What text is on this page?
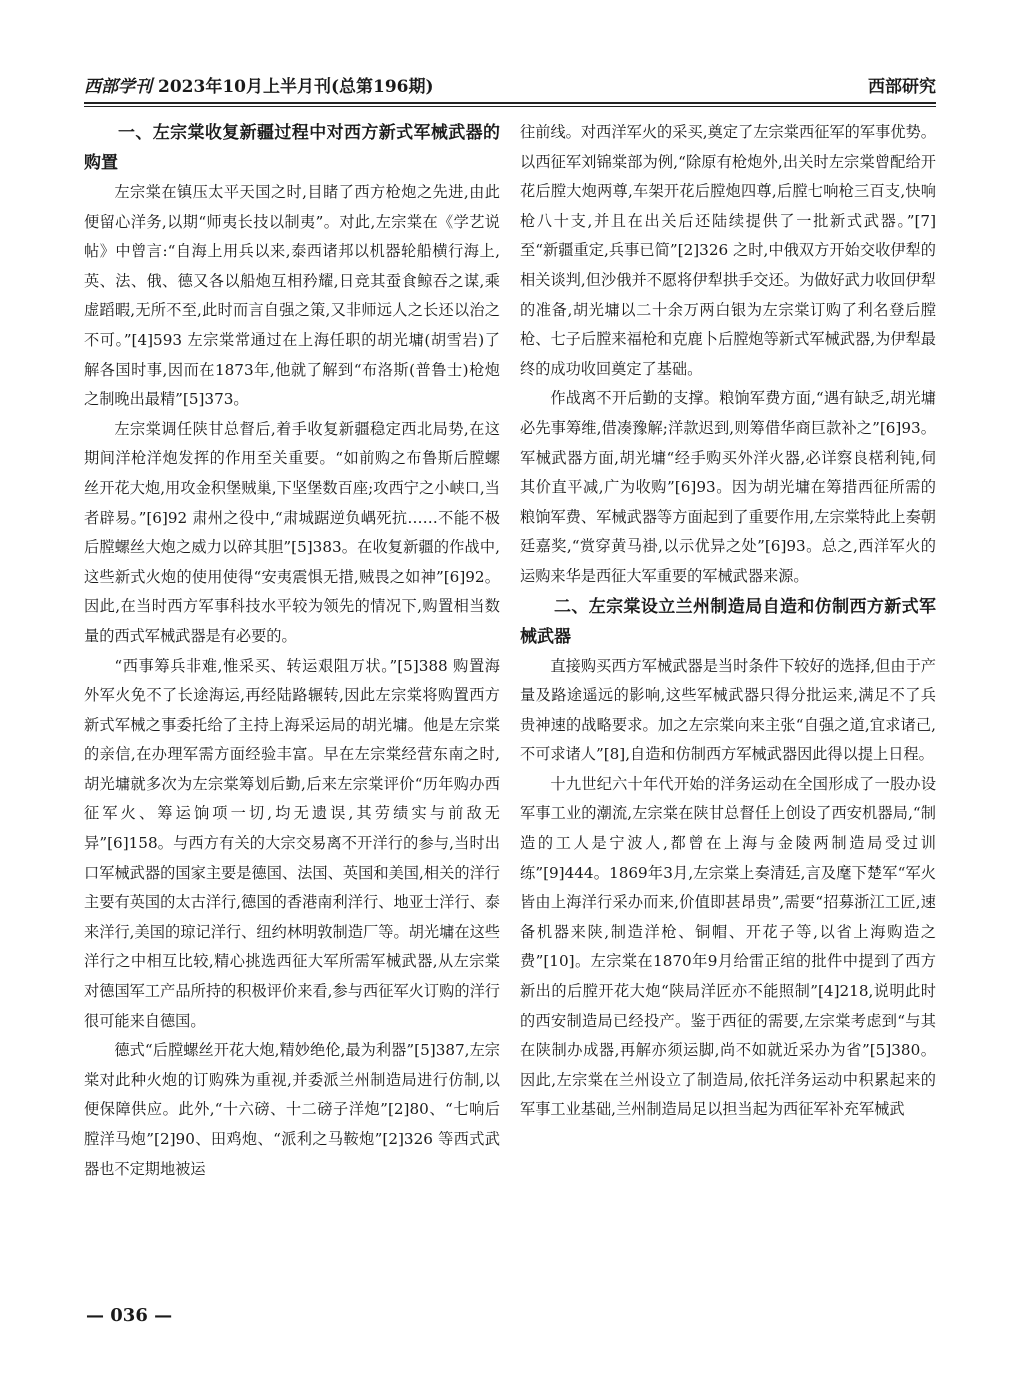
西部学刊 2023年10月上半月刊(总第196期)	西部研究
一、左宗棠收复新疆过程中对西方新式军械武器的购置

左宗棠在镇压太平天国之时,目睹了西方枪炮之先进,由此便留心洋务,以期“师夷长技以制夷”。对此,左宗棠在《学艺说帖》中曾言:“自海上用兵以来,泰西诸邦以机器轮船横行海上,英、法、俄、德又各以船炮互相矜耀,日竞其蚕食鲸吞之谋,乘虚蹈暇,无所不至,此时而言自强之策,又非师远人之长还以治之不可。”[4]593 左宗棠常通过在上海任职的胡光墉(胡雪岩)了解各国时事,因而在1873年,他就了解到“布洛斯(普鲁士)枪炮之制晚出最精”[5]373。

左宗棠调任陕甘总督后,着手收复新疆稳定西北局势,在这期间洋枪洋炮发挥的作用至关重要。“如前购之布鲁斯后膛螺丝开花大炮,用攻金积堡贼巢,下坚堡数百座;攻西宁之小峡口,当者辟易。”[6]92 肃州之役中,“肃城踞逆负嵎死抗……不能不极后膛螺丝大炮之威力以碎其胆”[5]383。在收复新疆的作战中,这些新式火炮的使用使得“安夷震惧无措,贼畏之如神”[6]92。因此,在当时西方军事科技水平较为领先的情况下,购置相当数量的西式军械武器是有必要的。

“西事筹兵非难,惟采买、转运艰阻万状。”[5]388 购置海外军火免不了长途海运,再经陆路辗转,因此左宗棠将购置西方新式军械之事委托给了主持上海采运局的胡光墉。他是左宗棠的亲信,在办理军需方面经验丰富。早在左宗棠经营东南之时,胡光墉就多次为左宗棠筹划后勤,后来左宗棠评价“历年购办西征军火、筹运饷项一切,均无遗误,其劳绩实与前敌无异”[6]158。与西方有关的大宗交易离不开洋行的参与,当时出口军械武器的国家主要是德国、法国、英国和美国,相关的洋行主要有英国的太古洋行,德国的香港南利洋行、地亚士洋行、泰来洋行,美国的琼记洋行、纽约林明敦制造厂等。胡光墉在这些洋行之中相互比较,精心挑选西征大军所需军械武器,从左宗棠对德国军工产品所持的积极评价来看,参与西征军火订购的洋行很可能来自德国。

德式“后膛螺丝开花大炮,精妙绝伦,最为利器”[5]387,左宗棠对此种火炮的订购殊为重视,并委派兰州制造局进行仿制,以便保障供应。此外,“十六磅、十二磅子洋炮”[2]80、“七响后膛洋马炮”[2]90、田鸡炮、“派利之马鞍炮”[2]326 等西式武器也不定期地被运

往前线。对西洋军火的采买,奠定了左宗棠西征军的军事优势。以西征军刘锦棠部为例,“除原有枪炮外,出关时左宗棠曾配给开花后膛大炮两尊,车架开花后膛炮四尊,后膛七响枪三百支,快响枪八十支,并且在出关后还陆续提供了一批新式武器。”[7] 至“新疆重定,兵事已简”[2]326 之时,中俄双方开始交收伊犁的相关谈判,但沙俄并不愿将伊犁拱手交还。为做好武力收回伊犁的准备,胡光墉以二十余万两白银为左宗棠订购了利名登后膛枪、七子后膛来福枪和克鹿卜后膛炮等新式军械武器,为伊犁最终的成功收回奠定了基础。

作战离不开后勤的支撑。粮饷军费方面,“遇有缺乏,胡光墉必先事筹维,借凑豫解;洋款迟到,则筹借华商巨款补之”[6]93。军械武器方面,胡光墉“经手购买外洋火器,必详察良楛利钝,伺其价直平减,广为收购”[6]93。因为胡光墉在筹措西征所需的粮饷军费、军械武器等方面起到了重要作用,左宗棠特此上奏朝廷嘉奖,“赏穿黄马褂,以示优异之处”[6]93。总之,西洋军火的运购来华是西征大军重要的军械武器来源。

二、左宗棠设立兰州制造局自造和仿制西方新式军械武器

直接购买西方军械武器是当时条件下较好的选择,但由于产量及路途遥远的影响,这些军械武器只得分批运来,满足不了兵贵神速的战略要求。加之左宗棠向来主张“自强之道,宜求诸己,不可求诸人”[8],自造和仿制西方军械武器因此得以提上日程。

十九世纪六十年代开始的洋务运动在全国形成了一股办设军事工业的潮流,左宗棠在陕甘总督任上创设了西安机器局,“制造的工人是宁波人,都曾在上海与金陵两制造局受过训练”[9]444。1869年3月,左宗棠上奏清廷,言及麾下楚军“军火皆由上海洋行采办而来,价值即甚昂贵”,需要“招募浙江工匠,速备机器来陕,制造洋枪、铜帽、开花子等,以省上海购造之费”[10]。左宗棠在1870年9月给雷正绾的批件中提到了西方新出的后膛开花大炮“陕局洋匠亦不能照制”[4]218,说明此时的西安制造局已经投产。鉴于西征的需要,左宗棠考虑到“与其在陕制办成器,再解亦须运脚,尚不如就近采办为省”[5]380。因此,左宗棠在兰州设立了制造局,依托洋务运动中积累起来的军事工业基础,兰州制造局足以担当起为西征军补充军械武

— 036 —
